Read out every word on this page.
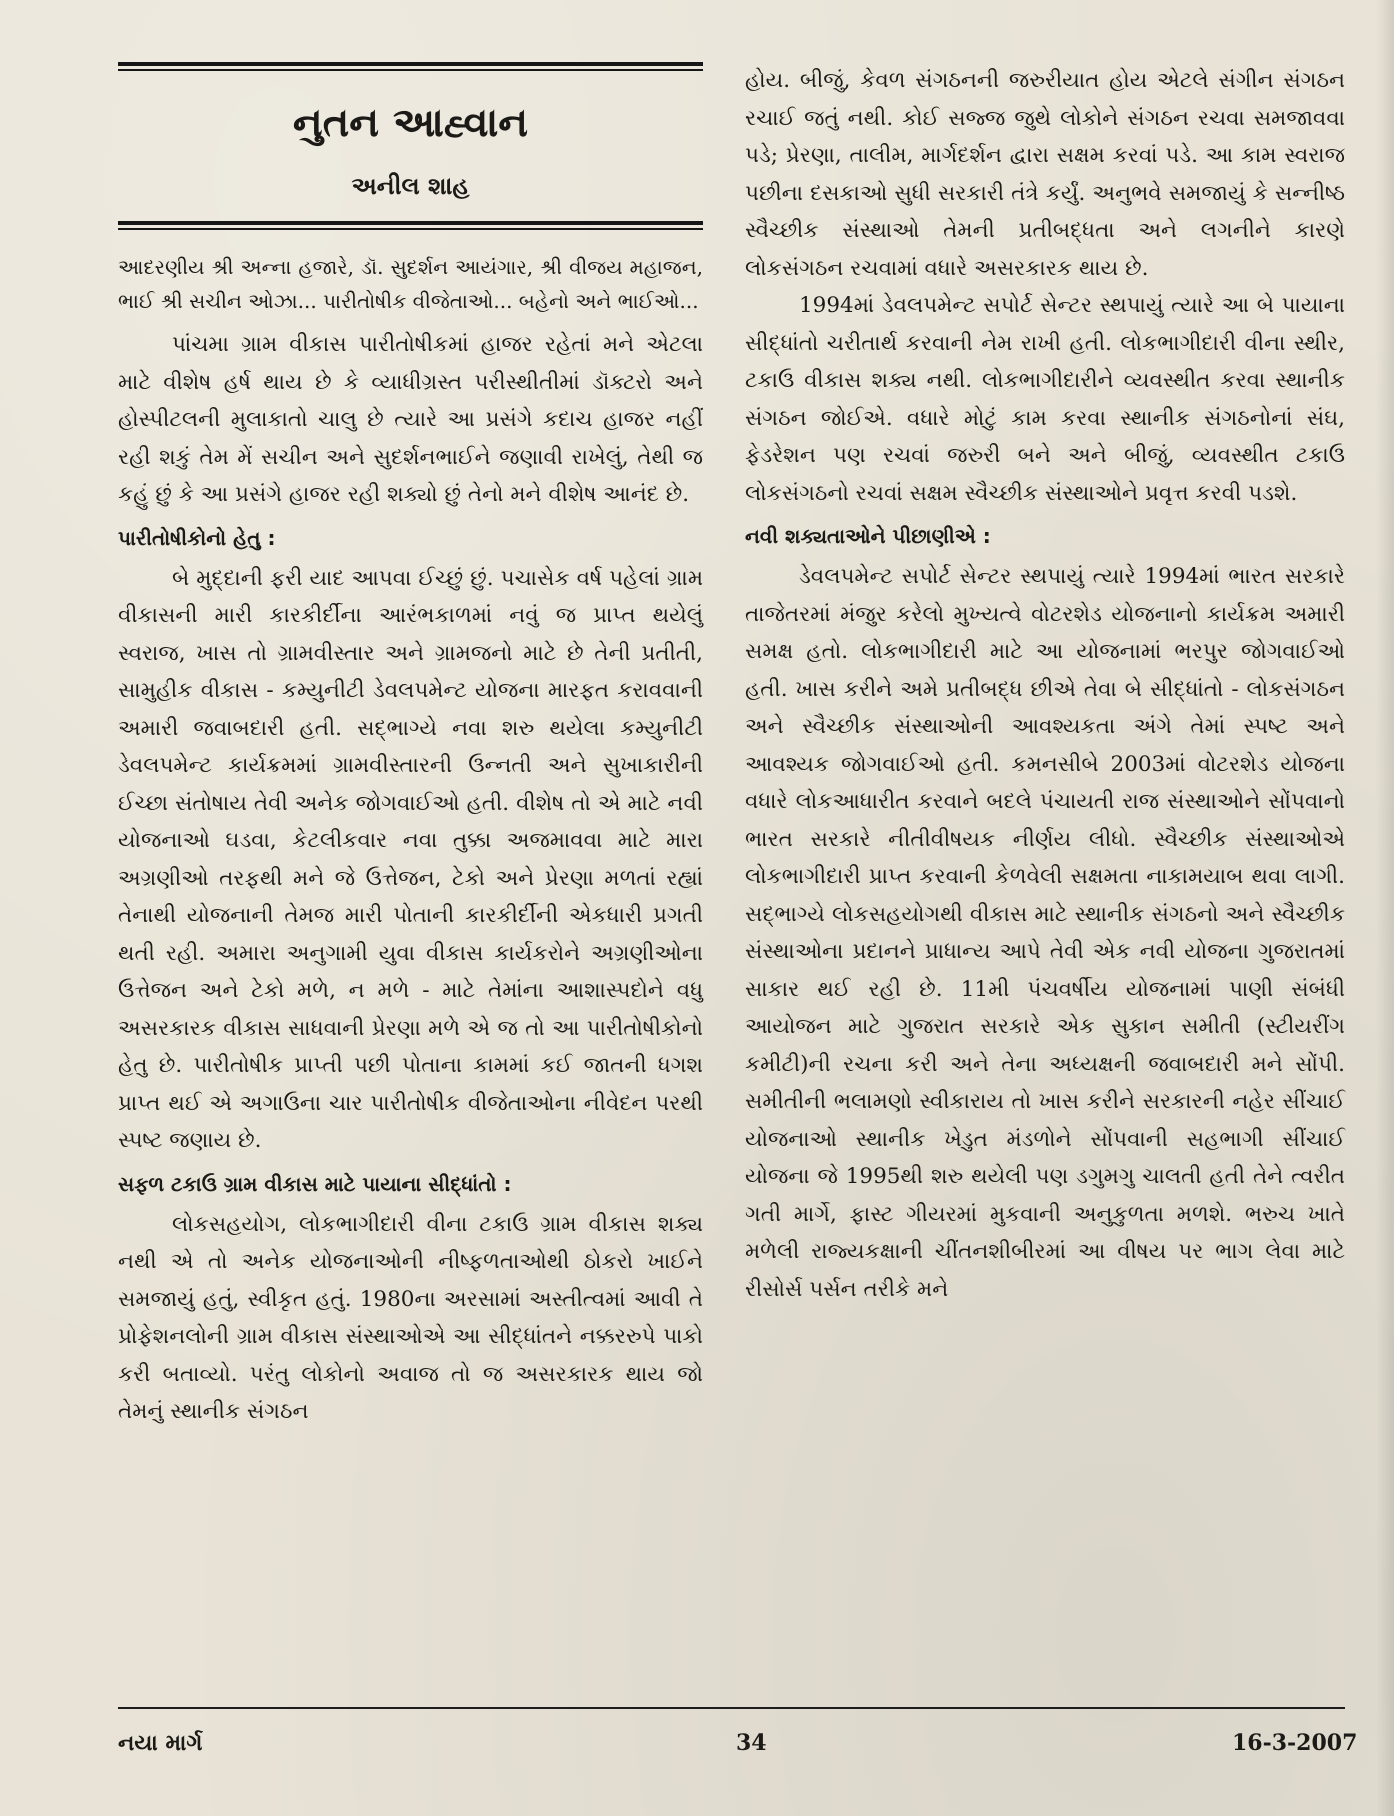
નુતન આહ્વાન
અનીલ શાહ

આદરણીય શ્રી અન્ના હજારે, ડૉ. સુદર્શન આયંગાર, શ્રી વીજય મહાજન, ભાઈ શ્રી સચીન ઓઝા... પારીતોષીક વીજેતાઓ... બહેનો અને ભાઈઓ...

પાંચમા ગ્રામ વીકાસ પારીતોષીકમાં હાજર રહેતાં મને એટલા માટે વીશેષ હર્ષ થાય છે કે વ્યાધીગ્રસ્ત પરીસ્થીતીમાં ડૉક્ટરો અને હોસ્પીટલની મુલાકાતો ચાલુ છે ત્યારે આ પ્રસંગે કદાચ હાજર નહીં રહી શકું તેમ મેં સચીન અને સુદર્શનભાઈને જણાવી રાખેલું, તેથી જ કહું છું કે આ પ્રસંગે હાજર રહી શક્યો છું તેનો મને વીશેષ આનંદ છે.

પારીતોષીકોનો હેતુ :

બે મુદ્દાની ફરી યાદ આપવા ઈચ્છું છું. પચાસેક વર્ષ પહેલાં ગ્રામ વીકાસની મારી કારકીર્દીના આરંભકાળમાં નવું જ પ્રાપ્ત થયેલું સ્વરાજ, ખાસ તો ગ્રામવીસ્તાર અને ગ્રામજનો માટે છે તેની પ્રતીતી, સામુહીક વીકાસ - કમ્યુનીટી ડેવલપમેન્ટ યોજના મારફત કરાવવાની અમારી જવાબદારી હતી. સદ્ભાગ્યે નવા શરુ થયેલા કમ્યુનીટી ડેવલપમેન્ટ કાર્યક્રમમાં ગ્રામવીસ્તારની ઉન્નતી અને સુખાકારીની ઈચ્છા સંતોષાય તેવી અનેક જોગવાઈઓ હતી. વીશેષ તો એ માટે નવી યોજનાઓ ઘડવા, કેટલીકવાર નવા તુક્કા અજમાવવા માટે મારા અગ્રણીઓ તરફથી મને જે ઉત્તેજન, ટેકો અને પ્રેરણા મળતાં રહ્યાં તેનાથી યોજનાની તેમજ મારી પોતાની કારકીર્દીની એકધારી પ્રગતી થતી રહી. અમારા અનુગામી યુવા વીકાસ કાર્યકરોને અગ્રણીઓના ઉત્તેજન અને ટેકો મળે, ન મળે - માટે તેમાંના આશાસ્પદોને વધુ અસરકારક વીકાસ સાધવાની પ્રેરણા મળે એ જ તો આ પારીતોષીકોનો હેતુ છે. પારીતોષીક પ્રાપ્તી પછી પોતાના કામમાં કઈ જાતની ધગશ પ્રાપ્ત થઈ એ અગાઉના ચાર પારીતોષીક વીજેતાઓના નીવેદન પરથી સ્પષ્ટ જણાય છે.

સફળ ટકાઉ ગ્રામ વીકાસ માટે પાયાના સીદ્ધાંતો :

લોકસહયોગ, લોકભાગીદારી વીના ટકાઉ ગ્રામ વીકાસ શક્ય નથી એ તો અનેક યોજનાઓની નીષ્ફળતાઓથી ઠોકરો ખાઈને સમજાયું હતું, સ્વીકૃત હતું. 1980ના અરસામાં અસ્તીત્વમાં આવી તે પ્રોફેશનલોની ગ્રામ વીકાસ સંસ્થાઓએ આ સીદ્ધાંતને નક્કરરુપે પાકો કરી બતાવ્યો. પરંતુ લોકોનો અવાજ તો જ અસરકારક થાય જો તેમનું સ્થાનીક સંગઠન

હોય. બીજું, કેવળ સંગઠનની જરુરીયાત હોય એટલે સંગીન સંગઠન રચાઈ જતું નથી. કોઈ સજ્જ જુથે લોકોને સંગઠન રચવા સમજાવવા પડે; પ્રેરણા, તાલીમ, માર્ગદર્શન દ્વારા સક્ષમ કરવાં પડે. આ કામ સ્વરાજ પછીના દસકાઓ સુધી સરકારી તંત્રે કર્યું. અનુભવે સમજાયું કે સન્નીષ્ઠ સ્વૈચ્છીક સંસ્થાઓ તેમની પ્રતીબદ્ધતા અને લગનીને કારણે લોકસંગઠન રચવામાં વધારે અસરકારક થાય છે.

1994માં ડેવલપમેન્ટ સપોર્ટ સેન્ટર સ્થપાયું ત્યારે આ બે પાયાના સીદ્ધાંતો ચરીતાર્થ કરવાની નેમ રાખી હતી. લોકભાગીદારી વીના સ્થીર, ટકાઉ વીકાસ શક્ય નથી. લોકભાગીદારીને વ્યવસ્થીત કરવા સ્થાનીક સંગઠન જોઈએ. વધારે મોટું કામ કરવા સ્થાનીક સંગઠનોનાં સંઘ, ફેડરેશન પણ રચવાં જરુરી બને અને બીજું, વ્યવસ્થીત ટકાઉ લોકસંગઠનો રચવાં સક્ષમ સ્વૈચ્છીક સંસ્થાઓને પ્રવૃત્ત કરવી પડશે.

નવી શક્યતાઓને પીછાણીએ :

ડેવલપમેન્ટ સપોર્ટ સેન્ટર સ્થપાયું ત્યારે 1994માં ભારત સરકારે તાજેતરમાં મંજુર કરેલો મુખ્યત્વે વોટરશેડ યોજનાનો કાર્યક્રમ અમારી સમક્ષ હતો. લોકભાગીદારી માટે આ યોજનામાં ભરપુર જોગવાઈઓ હતી. ખાસ કરીને અમે પ્રતીબદ્ધ છીએ તેવા બે સીદ્ધાંતો - લોકસંગઠન અને સ્વૈચ્છીક સંસ્થાઓની આવશ્યકતા અંગે તેમાં સ્પષ્ટ અને આવશ્યક જોગવાઈઓ હતી. કમનસીબે 2003માં વોટરશેડ યોજના વધારે લોકઆધારીત કરવાને બદલે પંચાયતી રાજ સંસ્થાઓને સોંપવાનો ભારત સરકારે નીતીવીષયક નીર્ણય લીધો. સ્વૈચ્છીક સંસ્થાઓએ લોકભાગીદારી પ્રાપ્ત કરવાની કેળવેલી સક્ષમતા નાકામયાબ થવા લાગી. સદ્ભાગ્યે લોકસહયોગથી વીકાસ માટે સ્થાનીક સંગઠનો અને સ્વૈચ્છીક સંસ્થાઓના પ્રદાનને પ્રાધાન્ય આપે તેવી એક નવી યોજના ગુજરાતમાં સાકાર થઈ રહી છે. 11મી પંચવર્ષીય યોજનામાં પાણી સંબંધી આયોજન માટે ગુજરાત સરકારે એક સુકાન સમીતી (સ્ટીયરીંગ કમીટી)ની રચના કરી અને તેના અધ્યક્ષની જવાબદારી મને સોંપી. સમીતીની ભલામણો સ્વીકારાય તો ખાસ કરીને સરકારની નહેર સીંચાઈ યોજનાઓ સ્થાનીક ખેડુત મંડળોને સોંપવાની સહભાગી સીંચાઈ યોજના જે 1995થી શરુ થયેલી પણ ડગુમગુ ચાલતી હતી તેને ત્વરીત ગતી માર્ગે, ફાસ્ટ ગીયરમાં મુકવાની અનુકુળતા મળશે. ભરુચ ખાતે મળેલી રાજ્યકક્ષાની ચીંતનશીબીરમાં આ વીષય પર ભાગ લેવા માટે રીસોર્સ પર્સન તરીકે મને

નયા માર્ગ	34	16-3-2007
